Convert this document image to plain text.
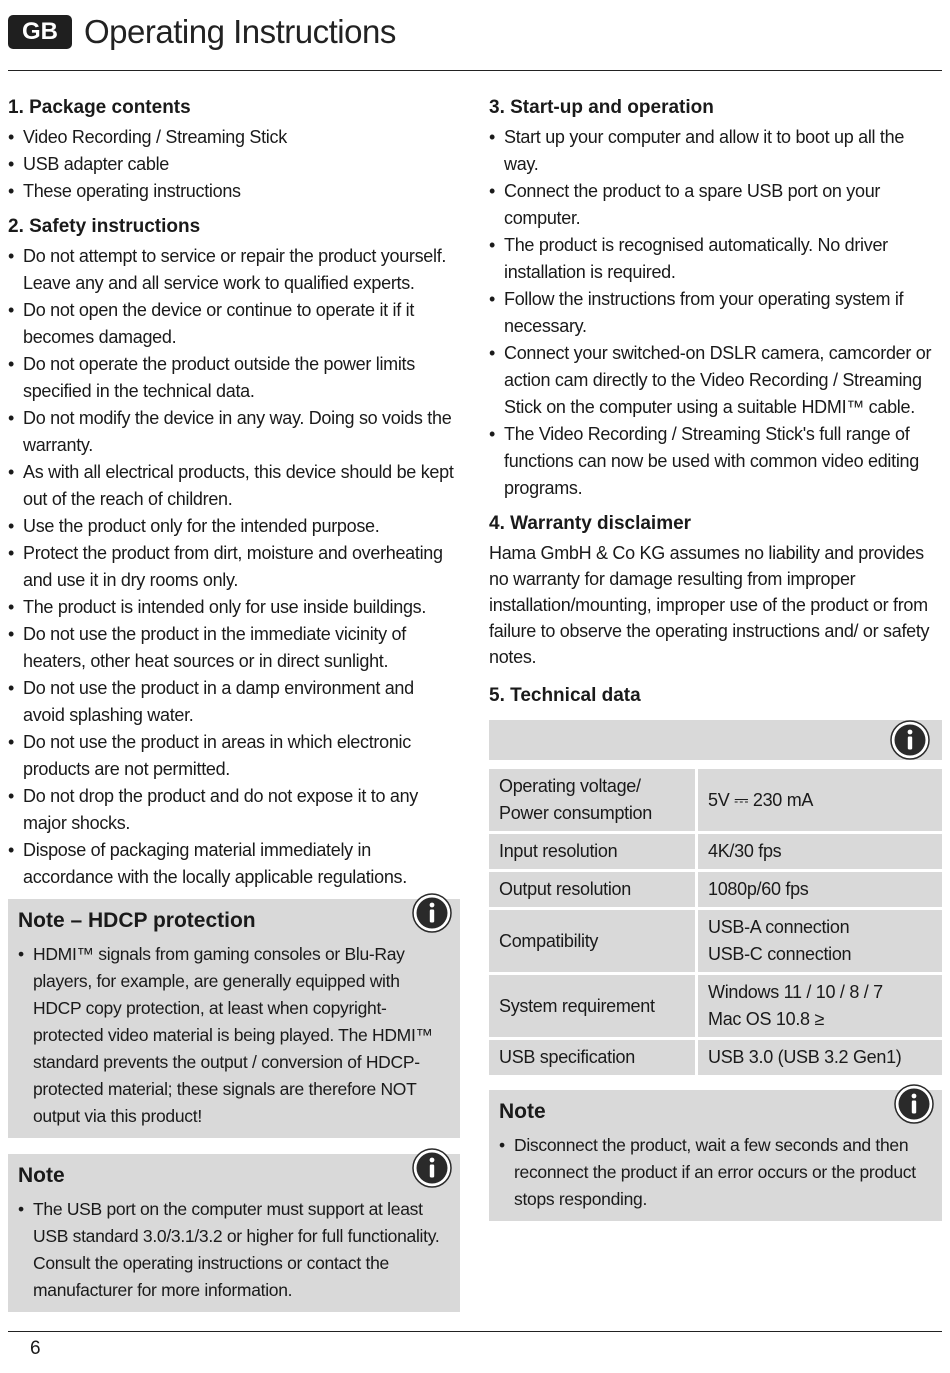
GB Operating Instructions
1. Package contents
• Video Recording / Streaming Stick
• USB adapter cable
• These operating instructions
2. Safety instructions
• Do not attempt to service or repair the product yourself. Leave any and all service work to qualified experts.
• Do not open the device or continue to operate it if it becomes damaged.
• Do not operate the product outside the power limits specified in the technical data.
• Do not modify the device in any way. Doing so voids the warranty.
• As with all electrical products, this device should be kept out of the reach of children.
• Use the product only for the intended purpose.
• Protect the product from dirt, moisture and overheating and use it in dry rooms only.
• The product is intended only for use inside buildings.
• Do not use the product in the immediate vicinity of heaters, other heat sources or in direct sunlight.
• Do not use the product in a damp environment and avoid splashing water.
• Do not use the product in areas in which electronic products are not permitted.
• Do not drop the product and do not expose it to any major shocks.
• Dispose of packaging material immediately in accordance with the locally applicable regulations.
Note – HDCP protection
• HDMI™ signals from gaming consoles or Blu-Ray players, for example, are generally equipped with HDCP copy protection, at least when copyright-protected video material is being played. The HDMI™ standard prevents the output / conversion of HDCP-protected material; these signals are therefore NOT output via this product!
Note
• The USB port on the computer must support at least USB standard 3.0/3.1/3.2 or higher for full functionality. Consult the operating instructions or contact the manufacturer for more information.
3. Start-up and operation
• Start up your computer and allow it to boot up all the way.
• Connect the product to a spare USB port on your computer.
• The product is recognised automatically. No driver installation is required.
• Follow the instructions from your operating system if necessary.
• Connect your switched-on DSLR camera, camcorder or action cam directly to the Video Recording / Streaming Stick on the computer using a suitable HDMI™ cable.
• The Video Recording / Streaming Stick's full range of functions can now be used with common video editing programs.
4. Warranty disclaimer

Hama GmbH & Co KG assumes no liability and provides no warranty for damage resulting from improper installation/mounting, improper use of the product or from failure to observe the operating instructions and/ or safety notes.

5. Technical data
Operating voltage/ Power consumption	5V ⎓ 230 mA
Input resolution	4K/30 fps
Output resolution	1080p/60 fps
Compatibility	USB-A connection
USB-C connection
System requirement	Windows 11 / 10 / 8 / 7
Mac OS 10.8 ≥
USB specification	USB 3.0 (USB 3.2 Gen1)
Note
• Disconnect the product, wait a few seconds and then reconnect the product if an error occurs or the product stops responding.
6
